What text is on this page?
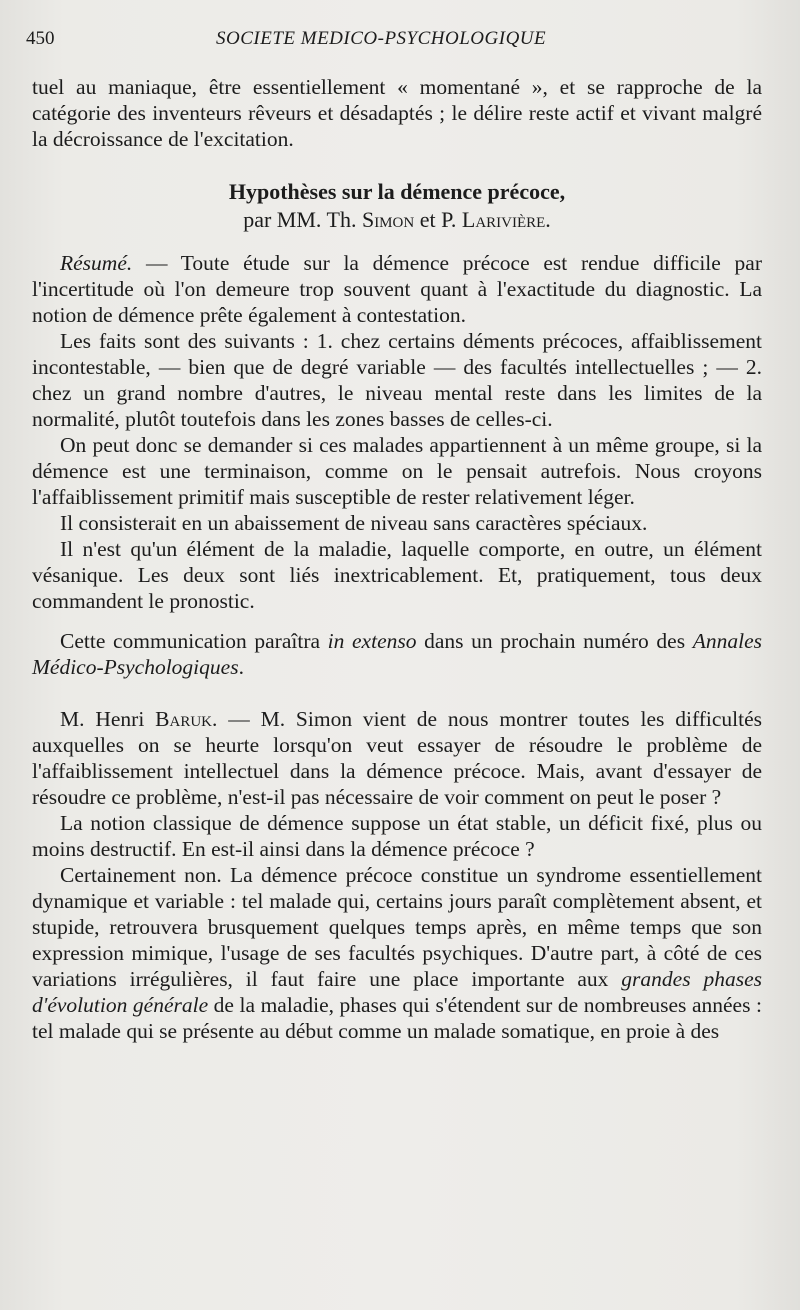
450	SOCIETE MEDICO-PSYCHOLOGIQUE

tuel au maniaque, être essentiellement « momentané », et se rapproche de la catégorie des inventeurs rêveurs et désadaptés ; le délire reste actif et vivant malgré la décroissance de l'excitation.

Hypothèses sur la démence précoce,
par MM. Th. Simon et P. Larivière.

Résumé. — Toute étude sur la démence précoce est rendue difficile par l'incertitude où l'on demeure trop souvent quant à l'exactitude du diagnostic. La notion de démence prête également à contestation.

Les faits sont des suivants : 1. chez certains déments précoces, affaiblissement incontestable, — bien que de degré variable — des facultés intellectuelles ; — 2. chez un grand nombre d'autres, le niveau mental reste dans les limites de la normalité, plutôt toutefois dans les zones basses de celles-ci.

On peut donc se demander si ces malades appartiennent à un même groupe, si la démence est une terminaison, comme on le pensait autrefois. Nous croyons l'affaiblissement primitif mais susceptible de rester relativement léger.

Il consisterait en un abaissement de niveau sans caractères spéciaux.

Il n'est qu'un élément de la maladie, laquelle comporte, en outre, un élément vésanique. Les deux sont liés inextricablement. Et, pratiquement, tous deux commandent le pronostic.

Cette communication paraîtra in extenso dans un prochain numéro des Annales Médico-Psychologiques.

M. Henri Baruk. — M. Simon vient de nous montrer toutes les difficultés auxquelles on se heurte lorsqu'on veut essayer de résoudre le problème de l'affaiblissement intellectuel dans la démence précoce. Mais, avant d'essayer de résoudre ce problème, n'est-il pas nécessaire de voir comment on peut le poser ?

La notion classique de démence suppose un état stable, un déficit fixé, plus ou moins destructif. En est-il ainsi dans la démence précoce ?

Certainement non. La démence précoce constitue un syndrome essentiellement dynamique et variable : tel malade qui, certains jours paraît complètement absent, et stupide, retrouvera brusquement quelques temps après, en même temps que son expression mimique, l'usage de ses facultés psychiques. D'autre part, à côté de ces variations irrégulières, il faut faire une place importante aux grandes phases d'évolution générale de la maladie, phases qui s'étendent sur de nombreuses années : tel malade qui se présente au début comme un malade somatique, en proie à des
